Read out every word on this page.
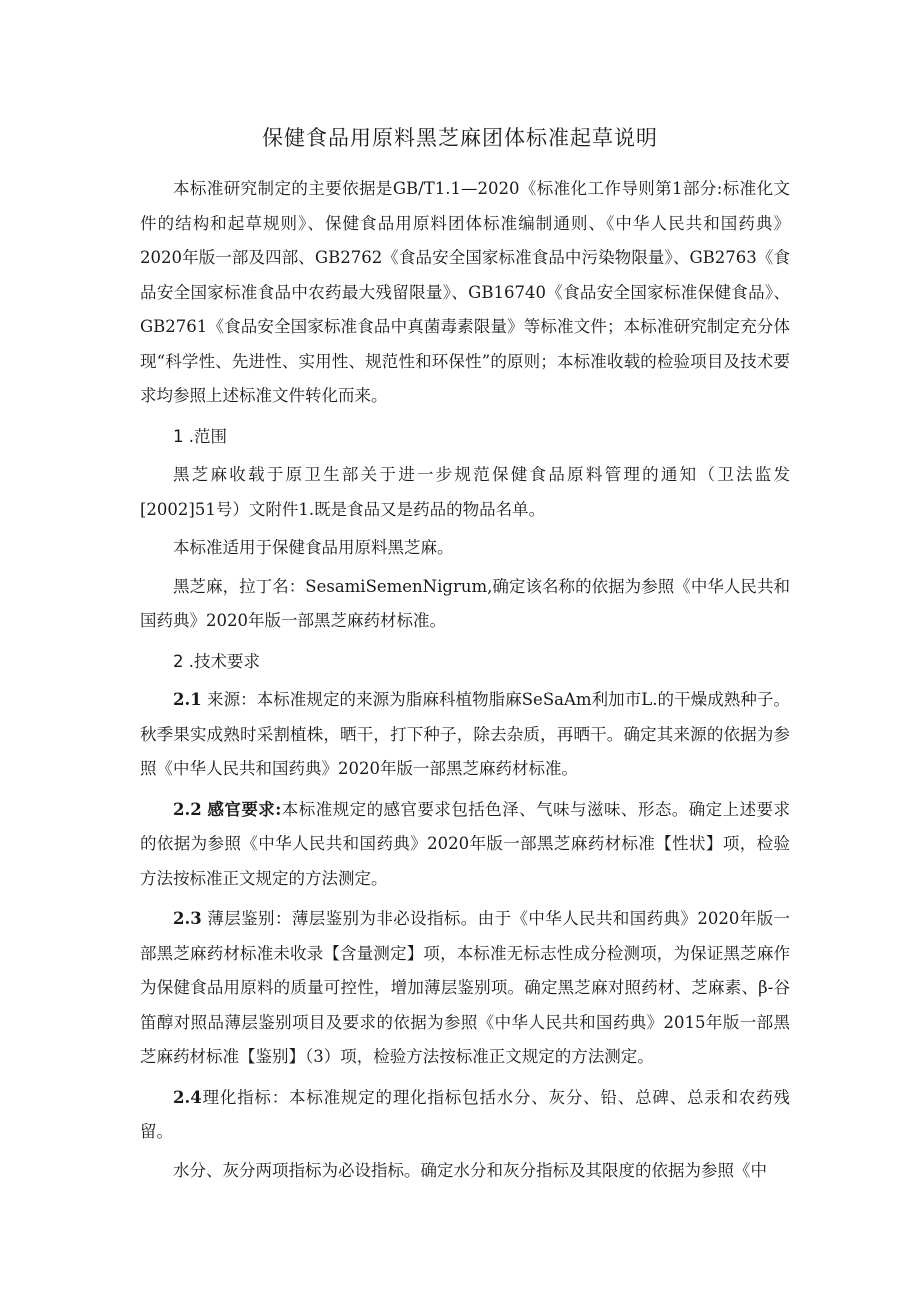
保健食品用原料黑芝麻团体标准起草说明

本标准研究制定的主要依据是GB/T1.1—2020《标准化工作导则第1部分:标准化文件的结构和起草规则》、保健食品用原料团体标准编制通则、《中华人民共和国药典》2020年版一部及四部、GB2762《食品安全国家标准食品中污染物限量》、GB2763《食品安全国家标准食品中农药最大残留限量》、GB16740《食品安全国家标准保健食品》、GB2761《食品安全国家标准食品中真菌毒素限量》等标准文件；本标准研究制定充分体现“科学性、先进性、实用性、规范性和环保性”的原则；本标准收载的检验项目及技术要求均参照上述标准文件转化而来。

1 .范围

黑芝麻收载于原卫生部关于进一步规范保健食品原料管理的通知（卫法监发[2002]51号）文附件1.既是食品又是药品的物品名单。

本标准适用于保健食品用原料黑芝麻。

黑芝麻，拉丁名：SesamiSemenNigrum,确定该名称的依据为参照《中华人民共和国药典》2020年版一部黑芝麻药材标准。

2 .技术要求

2.1 来源：本标准规定的来源为脂麻科植物脂麻SeSaAm利加市L.的干燥成熟种子。秋季果实成熟时采割植株，晒干，打下种子，除去杂质，再晒干。确定其来源的依据为参照《中华人民共和国药典》2020年版一部黑芝麻药材标准。

2.2 感官要求:本标准规定的感官要求包括色泽、气味与滋味、形态。确定上述要求的依据为参照《中华人民共和国药典》2020年版一部黑芝麻药材标准【性状】项，检验方法按标准正文规定的方法测定。

2.3 薄层鉴别：薄层鉴别为非必设指标。由于《中华人民共和国药典》2020年版一部黑芝麻药材标准未收录【含量测定】项，本标准无标志性成分检测项，为保证黑芝麻作为保健食品用原料的质量可控性，增加薄层鉴别项。确定黑芝麻对照药材、芝麻素、β-谷笛醇对照品薄层鉴别项目及要求的依据为参照《中华人民共和国药典》2015年版一部黑芝麻药材标准【鉴别】（3）项，检验方法按标准正文规定的方法测定。

2.4理化指标：本标准规定的理化指标包括水分、灰分、铅、总碑、总汞和农药残留。

水分、灰分两项指标为必设指标。确定水分和灰分指标及其限度的依据为参照《中
